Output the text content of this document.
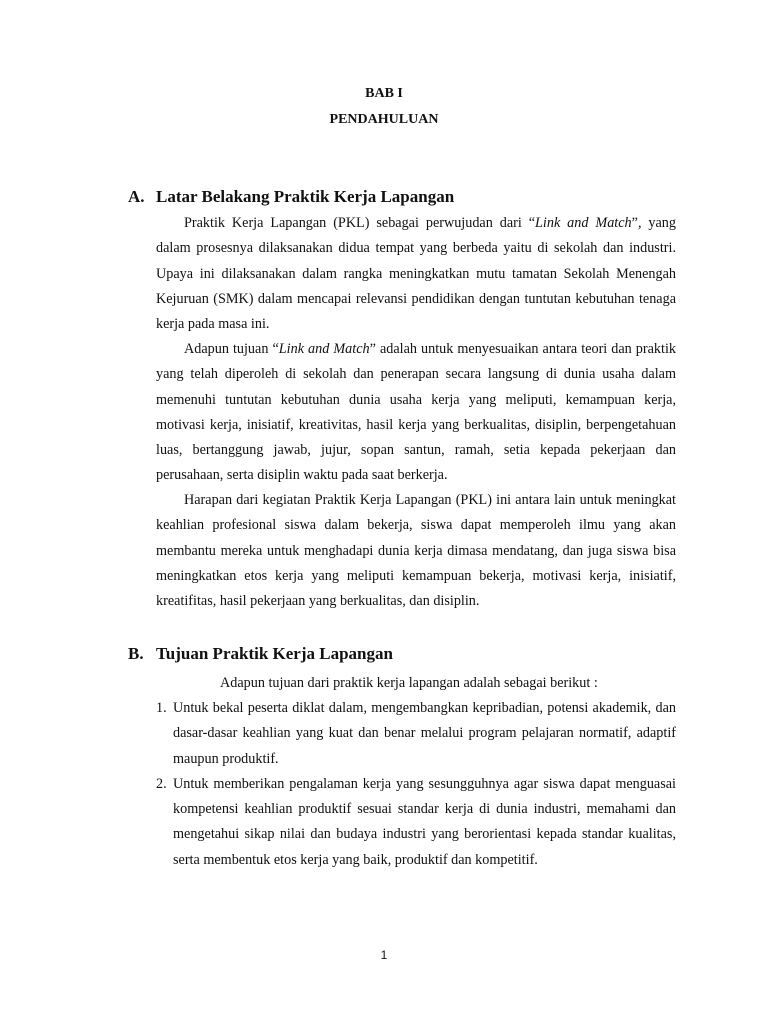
BAB I
PENDAHULUAN
A. Latar Belakang Praktik Kerja Lapangan

Praktik Kerja Lapangan (PKL) sebagai perwujudan dari “Link and Match”, yang dalam prosesnya dilaksanakan didua tempat yang berbeda yaitu di sekolah dan industri. Upaya ini dilaksanakan dalam rangka meningkatkan mutu tamatan Sekolah Menengah Kejuruan (SMK) dalam mencapai relevansi pendidikan dengan tuntutan kebutuhan tenaga kerja pada masa ini.

Adapun tujuan “Link and Match” adalah untuk menyesuaikan antara teori dan praktik yang telah diperoleh di sekolah dan penerapan secara langsung di dunia usaha dalam memenuhi tuntutan kebutuhan dunia usaha kerja yang meliputi, kemampuan kerja, motivasi kerja, inisiatif, kreativitas, hasil kerja yang berkualitas, disiplin, berpengetahuan luas, bertanggung jawab, jujur, sopan santun, ramah, setia kepada pekerjaan dan perusahaan, serta disiplin waktu pada saat berkerja.

Harapan dari kegiatan Praktik Kerja Lapangan (PKL) ini antara lain untuk meningkat keahlian profesional siswa dalam bekerja, siswa dapat memperoleh ilmu yang akan membantu mereka untuk menghadapi dunia kerja dimasa mendatang, dan juga siswa bisa meningkatkan etos kerja yang meliputi kemampuan bekerja, motivasi kerja, inisiatif, kreatifitas, hasil pekerjaan yang berkualitas, dan disiplin.

B. Tujuan Praktik Kerja Lapangan

Adapun tujuan dari praktik kerja lapangan adalah sebagai berikut :

1. Untuk bekal peserta diklat dalam, mengembangkan kepribadian, potensi akademik, dan dasar-dasar keahlian yang kuat dan benar melalui program pelajaran normatif, adaptif maupun produktif.
2. Untuk memberikan pengalaman kerja yang sesungguhnya agar siswa dapat menguasai kompetensi keahlian produktif sesuai standar kerja di dunia industri, memahami dan mengetahui sikap nilai dan budaya industri yang berorientasi kepada standar kualitas, serta membentuk etos kerja yang baik, produktif dan kompetitif.
1
